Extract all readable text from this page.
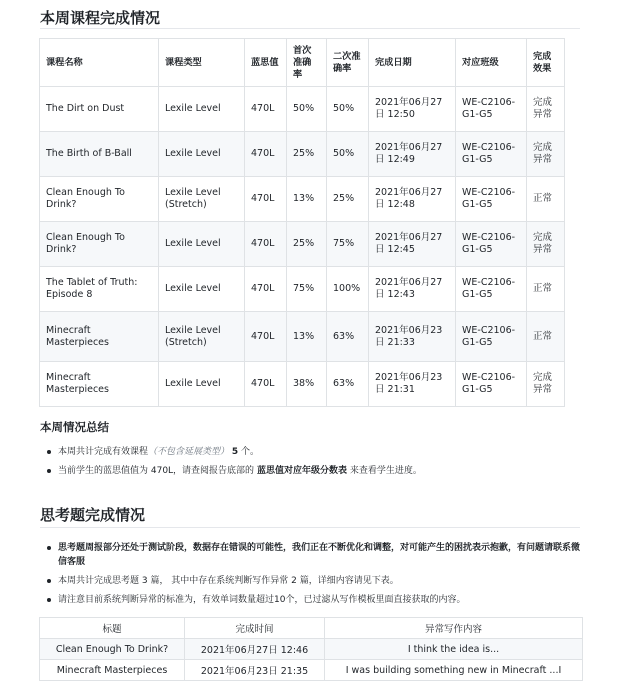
本周课程完成情况
课程名称	课程类型	蓝思值	首次准确率	二次准确率	完成日期	对应班级	完成效果
The Dirt on Dust	Lexile Level	470L	50%	50%	2021年06月27日 12:50	WE-C2106-G1-G5	完成异常
The Birth of B-Ball	Lexile Level	470L	25%	50%	2021年06月27日 12:49	WE-C2106-G1-G5	完成异常
Clean Enough To Drink?	Lexile Level (Stretch)	470L	13%	25%	2021年06月27日 12:48	WE-C2106-G1-G5	正常
Clean Enough To Drink?	Lexile Level	470L	25%	75%	2021年06月27日 12:45	WE-C2106-G1-G5	完成异常
The Tablet of Truth: Episode 8	Lexile Level	470L	75%	100%	2021年06月27日 12:43	WE-C2106-G1-G5	正常
Minecraft Masterpieces	Lexile Level (Stretch)	470L	13%	63%	2021年06月23日 21:33	WE-C2106-G1-G5	正常
Minecraft Masterpieces	Lexile Level	470L	38%	63%	2021年06月23日 21:31	WE-C2106-G1-G5	完成异常
本周情况总结
本周共计完成有效课程（不包含延展类型） 5 个。
当前学生的蓝思值值为 470L，请查阅报告底部的 蓝思值对应年级分数表 来查看学生进度。
思考题完成情况
思考题周报部分还处于测试阶段，数据存在错误的可能性，我们正在不断优化和调整，对可能产生的困扰表示抱歉，有问题请联系微信客服
本周共计完成思考题 3 篇， 其中中存在系统判断写作异常 2 篇，详细内容请见下表。
请注意目前系统判断异常的标准为，有效单词数量超过10个，已过滤从写作模板里面直接获取的内容。
标题	完成时间	异常写作内容
Clean Enough To Drink?	2021年06月27日 12:46	I think the idea is...
Minecraft Masterpieces	2021年06月23日 21:35	I was building something new in Minecraft ...I
